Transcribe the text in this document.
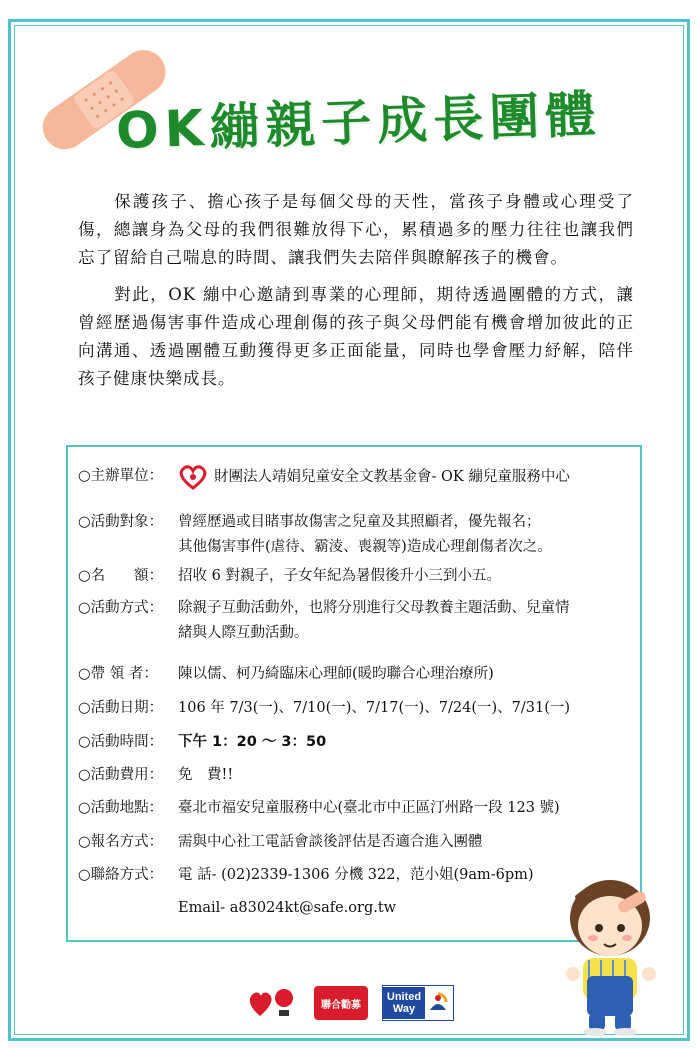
OK繃親子成長團體

保護孩子、擔心孩子是每個父母的天性，當孩子身體或心理受了傷，總讓身為父母的我們很難放得下心，累積過多的壓力往往也讓我們忘了留給自己喘息的時間、讓我們失去陪伴與瞭解孩子的機會。

對此，OK 繃中心邀請到專業的心理師，期待透過團體的方式，讓曾經歷過傷害事件造成心理創傷的孩子與父母們能有機會增加彼此的正向溝通、透過團體互動獲得更多正面能量，同時也學會壓力紓解，陪伴孩子健康快樂成長。

○主辦單位：	財團法人靖娟兒童安全文教基金會- OK 繃兒童服務中心
○活動對象：	曾經歷過或目睹事故傷害之兒童及其照顧者，優先報名；
其他傷害事件(虐待、霸淩、喪親等)造成心理創傷者次之。
○名　　額：	招收 6 對親子，子女年紀為暑假後升小三到小五。
○活動方式：	除親子互動活動外，也將分別進行父母教養主題活動、兒童情
緒與人際互動活動。
○帶 領 者：	陳以儒、柯乃綺臨床心理師(暖昀聯合心理治療所)
○活動日期：	106 年 7/3(一)、7/10(一)、7/17(一)、7/24(一)、7/31(一)
○活動時間：	下午 1：20 ～ 3：50
○活動費用：	免　費!!
○活動地點：	臺北市福安兒童服務中心(臺北市中正區汀州路一段 123 號)
○報名方式：	需與中心社工電話會談後評估是否適合進入團體
○聯絡方式：	電 話- (02)2339-1306 分機 322，范小姐(9am-6pm)
Email- a83024kt@safe.org.tw
聯合勸募
United Way
